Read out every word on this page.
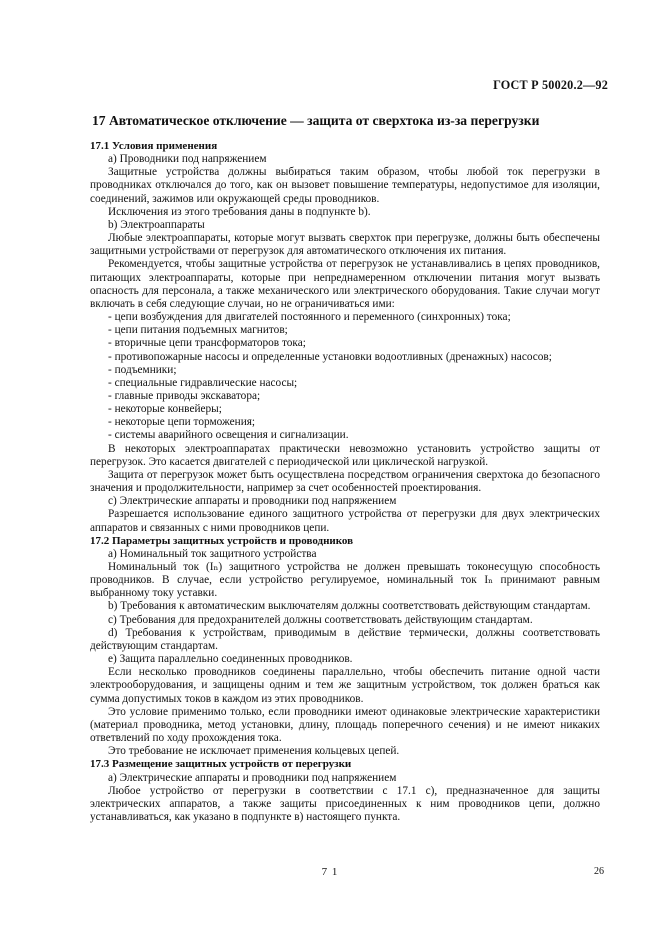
ГОСТ Р 50020.2—92
17 Автоматическое отключение — защита от сверхтока из-за перегрузки

17.1 Условия применения

а) Проводники под напряжением

Защитные устройства должны выбираться таким образом, чтобы любой ток перегрузки в проводниках отключался до того, как он вызовет повышение температуры, недопустимое для изоляции, соединений, зажимов или окружающей среды проводников.

Исключения из этого требования даны в подпункте b).

b) Электроаппараты

Любые электроаппараты, которые могут вызвать сверхток при перегрузке, должны быть обеспечены защитными устройствами от перегрузок для автоматического отключения их питания.

Рекомендуется, чтобы защитные устройства от перегрузок не устанавливались в цепях проводников, питающих электроаппараты, которые при непреднамеренном отключении питания могут вызвать опасность для персонала, а также механического или электрического оборудования. Такие случаи могут включать в себя следующие случаи, но не ограничиваться ими:

- цепи возбуждения для двигателей постоянного и переменного (синхронных) тока;

- цепи питания подъемных магнитов;

- вторичные цепи трансформаторов тока;

- противопожарные насосы и определенные установки водоотливных (дренажных) насосов;

- подъемники;

- специальные гидравлические насосы;

- главные приводы экскаватора;

- некоторые конвейеры;

- некоторые цепи торможения;

- системы аварийного освещения и сигнализации.

В некоторых электроаппаратах практически невозможно установить устройство защиты от перегрузок. Это касается двигателей с периодической или циклической нагрузкой.

Защита от перегрузок может быть осуществлена посредством ограничения сверхтока до безопасного значения и продолжительности, например за счет особенностей проектирования.

с) Электрические аппараты и проводники под напряжением

Разрешается использование единого защитного устройства от перегрузки для двух электрических аппаратов и связанных с ними проводников цепи.

17.2 Параметры защитных устройств и проводников

а) Номинальный ток защитного устройства

Номинальный ток (Iₙ) защитного устройства не должен превышать токонесущую способность проводников. В случае, если устройство регулируемое, номинальный ток Iₙ принимают равным выбранному току уставки.

b) Требования к автоматическим выключателям должны соответствовать действующим стандартам.

с) Требования для предохранителей должны соответствовать действующим стандартам.

d) Требования к устройствам, приводимым в действие термически, должны соответствовать действующим стандартам.

е) Защита параллельно соединенных проводников.

Если несколько проводников соединены параллельно, чтобы обеспечить питание одной части электрооборудования, и защищены одним и тем же защитным устройством, ток должен браться как сумма допустимых токов в каждом из этих проводников.

Это условие применимо только, если проводники имеют одинаковые электрические характеристики (материал проводника, метод установки, длину, площадь поперечного сечения) и не имеют никаких ответвлений по ходу прохождения тока.

Это требование не исключает применения кольцевых цепей.

17.3 Размещение защитных устройств от перегрузки

а) Электрические аппараты и проводники под напряжением

Любое устройство от перегрузки в соответствии с 17.1 с), предназначенное для защиты электрических аппаратов, а также защиты присоединенных к ним проводников цепи, должно устанавливаться, как указано в подпункте в) настоящего пункта.

7 1	26
